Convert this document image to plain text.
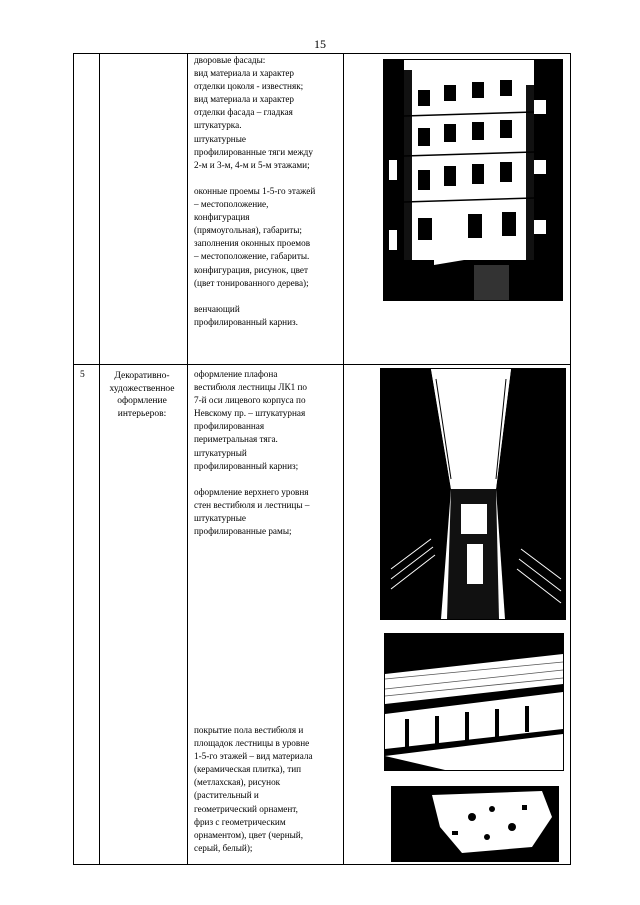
15

дворовые фасады:

вид материала и характер

отделки цоколя - известняк;

вид материала и характер

отделки фасада – гладкая

штукатурка.

штукатурные

профилированные тяги между

2-м и 3-м, 4-м и 5-м этажами;

оконные проемы 1-5-го этажей

– местоположение,

конфигурация

(прямоугольная), габариты;

заполнения оконных проемов

– местоположение, габариты.

конфигурация, рисунок, цвет

(цвет тонированного дерева);

венчающий

профилированный карниз.

5	Декоративно-художественное оформление интерьеров:

оформление плафона

вестибюля лестницы ЛК1 по

7-й оси лицевого корпуса по

Невскому пр. – штукатурная

профилированная

периметральная тяга.

штукатурный

профилированный карниз;

оформление верхнего уровня

стен вестибюля и лестницы –

штукатурные

профилированные рамы;

покрытие пола вестибюля и

площадок лестницы в уровне

1-5-го этажей – вид материала

(керамическая плитка), тип

(метлахская), рисунок

(растительный и

геометрический орнамент,

фриз с геометрическим

орнаментом), цвет (черный,

серый, белый);
